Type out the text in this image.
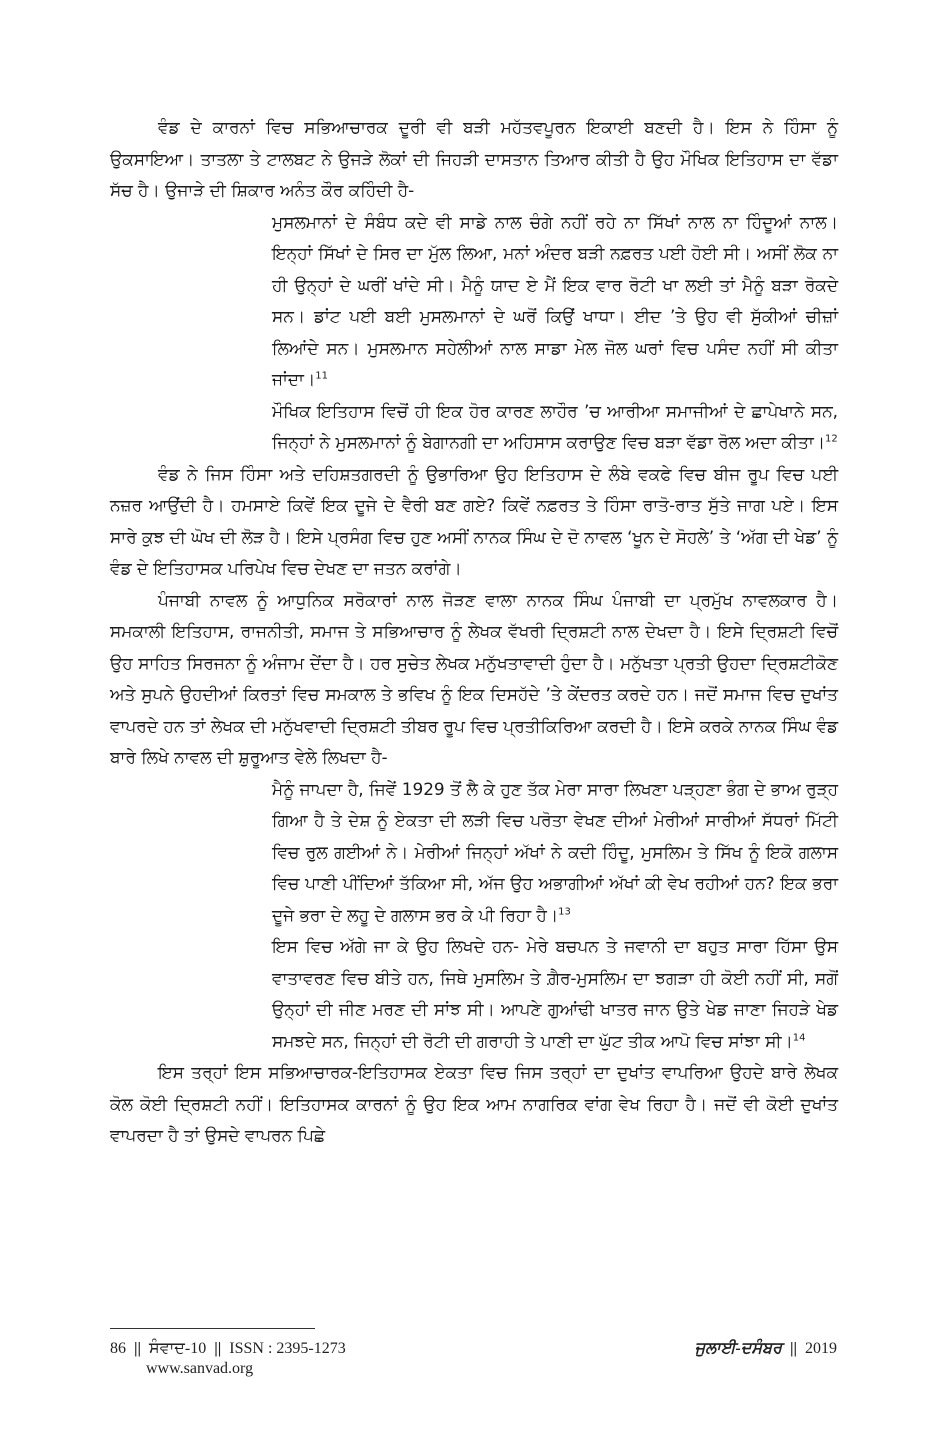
ਵੰਡ ਦੇ ਕਾਰਨਾਂ ਵਿਚ ਸਭਿਆਚਾਰਕ ਦੂਰੀ ਵੀ ਬੜੀ ਮਹੱਤਵਪੂਰਨ ਇਕਾਈ ਬਣਦੀ ਹੈ। ਇਸ ਨੇ ਹਿੰਸਾ ਨੂੰ ਉਕਸਾਇਆ। ਤਾਤਲਾ ਤੇ ਟਾਲਬਟ ਨੇ ਉਜੜੇ ਲੋਕਾਂ ਦੀ ਜਿਹੜੀ ਦਾਸਤਾਨ ਤਿਆਰ ਕੀਤੀ ਹੈ ਉਹ ਮੌਖਿਕ ਇਤਿਹਾਸ ਦਾ ਵੱਡਾ ਸੱਚ ਹੈ। ਉਜਾੜੇ ਦੀ ਸ਼ਿਕਾਰ ਅਨੰਤ ਕੌਰ ਕਹਿੰਦੀ ਹੈ-

ਮੁਸਲਮਾਨਾਂ ਦੇ ਸੰਬੰਧ ਕਦੇ ਵੀ ਸਾਡੇ ਨਾਲ ਚੰਗੇ ਨਹੀਂ ਰਹੇ ਨਾ ਸਿੱਖਾਂ ਨਾਲ ਨਾ ਹਿੰਦੂਆਂ ਨਾਲ। ਇਨ੍ਹਾਂ ਸਿੱਖਾਂ ਦੇ ਸਿਰ ਦਾ ਮੁੱਲ ਲਿਆ, ਮਨਾਂ ਅੰਦਰ ਬੜੀ ਨਫ਼ਰਤ ਪਈ ਹੋਈ ਸੀ। ਅਸੀਂ ਲੋਕ ਨਾ ਹੀ ਉਨ੍ਹਾਂ ਦੇ ਘਰੀਂ ਖਾਂਦੇ ਸੀ। ਮੈਨੂੰ ਯਾਦ ਏ ਮੈਂ ਇਕ ਵਾਰ ਰੋਟੀ ਖਾ ਲਈ ਤਾਂ ਮੈਨੂੰ ਬੜਾ ਰੋਕਦੇ ਸਨ। ਡਾਂਟ ਪਈ ਬਈ ਮੁਸਲਮਾਨਾਂ ਦੇ ਘਰੋਂ ਕਿਉਂ ਖਾਧਾ। ਈਦ ’ਤੇ ਉਹ ਵੀ ਸੁੱਕੀਆਂ ਚੀਜ਼ਾਂ ਲਿਆਂਦੇ ਸਨ। ਮੁਸਲਮਾਨ ਸਹੇਲੀਆਂ ਨਾਲ ਸਾਡਾ ਮੇਲ ਜੋਲ ਘਰਾਂ ਵਿਚ ਪਸੰਦ ਨਹੀਂ ਸੀ ਕੀਤਾ ਜਾਂਦਾ।$^{11}$

ਮੌਖਿਕ ਇਤਿਹਾਸ ਵਿਚੋਂ ਹੀ ਇਕ ਹੋਰ ਕਾਰਣ ਲਾਹੌਰ ’ਚ ਆਰੀਆ ਸਮਾਜੀਆਂ ਦੇ ਛਾਪੇਖਾਨੇ ਸਨ, ਜਿਨ੍ਹਾਂ ਨੇ ਮੁਸਲਮਾਨਾਂ ਨੂੰ ਬੇਗਾਨਗੀ ਦਾ ਅਹਿਸਾਸ ਕਰਾਉਣ ਵਿਚ ਬੜਾ ਵੱਡਾ ਰੋਲ ਅਦਾ ਕੀਤਾ।$^{12}$

ਵੰਡ ਨੇ ਜਿਸ ਹਿੰਸਾ ਅਤੇ ਦਹਿਸ਼ਤਗਰਦੀ ਨੂੰ ਉਭਾਰਿਆ ਉਹ ਇਤਿਹਾਸ ਦੇ ਲੰਬੇ ਵਕਫੇ ਵਿਚ ਬੀਜ ਰੂਪ ਵਿਚ ਪਈ ਨਜ਼ਰ ਆਉਂਦੀ ਹੈ। ਹਮਸਾਏ ਕਿਵੇਂ ਇਕ ਦੂਜੇ ਦੇ ਵੈਰੀ ਬਣ ਗਏ? ਕਿਵੇਂ ਨਫ਼ਰਤ ਤੇ ਹਿੰਸਾ ਰਾਤੋ-ਰਾਤ ਸੁੱਤੇ ਜਾਗ ਪਏ। ਇਸ ਸਾਰੇ ਕੁਝ ਦੀ ਘੋਖ ਦੀ ਲੋੜ ਹੈ। ਇਸੇ ਪ੍ਰਸੰਗ ਵਿਚ ਹੁਣ ਅਸੀਂ ਨਾਨਕ ਸਿੰਘ ਦੇ ਦੋ ਨਾਵਲ ‘ਖੂਨ ਦੇ ਸੋਹਲੇ’ ਤੇ ‘ਅੱਗ ਦੀ ਖੇਡ’ ਨੂੰ ਵੰਡ ਦੇ ਇਤਿਹਾਸਕ ਪਰਿਪੇਖ ਵਿਚ ਦੇਖਣ ਦਾ ਜਤਨ ਕਰਾਂਗੇ।

ਪੰਜਾਬੀ ਨਾਵਲ ਨੂੰ ਆਧੁਨਿਕ ਸਰੋਕਾਰਾਂ ਨਾਲ ਜੋੜਣ ਵਾਲਾ ਨਾਨਕ ਸਿੰਘ ਪੰਜਾਬੀ ਦਾ ਪ੍ਰਮੁੱਖ ਨਾਵਲਕਾਰ ਹੈ। ਸਮਕਾਲੀ ਇਤਿਹਾਸ, ਰਾਜਨੀਤੀ, ਸਮਾਜ ਤੇ ਸਭਿਆਚਾਰ ਨੂੰ ਲੇਖਕ ਵੱਖਰੀ ਦ੍ਰਿਸ਼ਟੀ ਨਾਲ ਦੇਖਦਾ ਹੈ। ਇਸੇ ਦ੍ਰਿਸ਼ਟੀ ਵਿਚੋਂ ਉਹ ਸਾਹਿਤ ਸਿਰਜਨਾ ਨੂੰ ਅੰਜਾਮ ਦੇਂਦਾ ਹੈ। ਹਰ ਸੁਚੇਤ ਲੇਖਕ ਮਨੁੱਖਤਾਵਾਦੀ ਹੁੰਦਾ ਹੈ। ਮਨੁੱਖਤਾ ਪ੍ਰਤੀ ਉਹਦਾ ਦ੍ਰਿਸ਼ਟੀਕੋਣ ਅਤੇ ਸੁਪਨੇ ਉਹਦੀਆਂ ਕਿਰਤਾਂ ਵਿਚ ਸਮਕਾਲ ਤੇ ਭਵਿਖ ਨੂੰ ਇਕ ਦਿਸਹੱਦੇ ’ਤੇ ਕੇਂਦਰਤ ਕਰਦੇ ਹਨ। ਜਦੋਂ ਸਮਾਜ ਵਿਚ ਦੁਖਾਂਤ ਵਾਪਰਦੇ ਹਨ ਤਾਂ ਲੇਖਕ ਦੀ ਮਨੁੱਖਵਾਦੀ ਦ੍ਰਿਸ਼ਟੀ ਤੀਬਰ ਰੂਪ ਵਿਚ ਪ੍ਰਤੀਕਿਰਿਆ ਕਰਦੀ ਹੈ। ਇਸੇ ਕਰਕੇ ਨਾਨਕ ਸਿੰਘ ਵੰਡ ਬਾਰੇ ਲਿਖੇ ਨਾਵਲ ਦੀ ਸ਼ੁਰੂਆਤ ਵੇਲੇ ਲਿਖਦਾ ਹੈ-

ਮੈਨੂੰ ਜਾਪਦਾ ਹੈ, ਜਿਵੇਂ 1929 ਤੋਂ ਲੈ ਕੇ ਹੁਣ ਤੱਕ ਮੇਰਾ ਸਾਰਾ ਲਿਖਣਾ ਪੜ੍ਹਣਾ ਭੰਗ ਦੇ ਭਾਅ ਰੁੜ੍ਹ ਗਿਆ ਹੈ ਤੇ ਦੇਸ਼ ਨੂੰ ਏਕਤਾ ਦੀ ਲੜੀ ਵਿਚ ਪਰੋਤਾ ਵੇਖਣ ਦੀਆਂ ਮੇਰੀਆਂ ਸਾਰੀਆਂ ਸੱਧਰਾਂ ਮਿੱਟੀ ਵਿਚ ਰੁਲ ਗਈਆਂ ਨੇ। ਮੇਰੀਆਂ ਜਿਨ੍ਹਾਂ ਅੱਖਾਂ ਨੇ ਕਦੀ ਹਿੰਦੂ, ਮੁਸਲਿਮ ਤੇ ਸਿੱਖ ਨੂੰ ਇਕੋ ਗਲਾਸ ਵਿਚ ਪਾਣੀ ਪੀਂਦਿਆਂ ਤੱਕਿਆ ਸੀ, ਅੱਜ ਉਹ ਅਭਾਗੀਆਂ ਅੱਖਾਂ ਕੀ ਵੇਖ ਰਹੀਆਂ ਹਨ? ਇਕ ਭਰਾ ਦੂਜੇ ਭਰਾ ਦੇ ਲਹੂ ਦੇ ਗਲਾਸ ਭਰ ਕੇ ਪੀ ਰਿਹਾ ਹੈ।$^{13}$

ਇਸ ਵਿਚ ਅੱਗੇ ਜਾ ਕੇ ਉਹ ਲਿਖਦੇ ਹਨ- ਮੇਰੇ ਬਚਪਨ ਤੇ ਜਵਾਨੀ ਦਾ ਬਹੁਤ ਸਾਰਾ ਹਿੱਸਾ ਉਸ ਵਾਤਾਵਰਣ ਵਿਚ ਬੀਤੇ ਹਨ, ਜਿਥੇ ਮੁਸਲਿਮ ਤੇ ਗ਼ੈਰ-ਮੁਸਲਿਮ ਦਾ ਝਗੜਾ ਹੀ ਕੋਈ ਨਹੀਂ ਸੀ, ਸਗੋਂ ਉਨ੍ਹਾਂ ਦੀ ਜੀਣ ਮਰਣ ਦੀ ਸਾਂਝ ਸੀ। ਆਪਣੇ ਗੁਆਂਢੀ ਖਾਤਰ ਜਾਨ ਉਤੇ ਖੇਡ ਜਾਣਾ ਜਿਹੜੇ ਖੇਡ ਸਮਝਦੇ ਸਨ, ਜਿਨ੍ਹਾਂ ਦੀ ਰੋਟੀ ਦੀ ਗਰਾਹੀ ਤੇ ਪਾਣੀ ਦਾ ਘੁੱਟ ਤੀਕ ਆਪੋ ਵਿਚ ਸਾਂਝਾ ਸੀ।$^{14}$

ਇਸ ਤਰ੍ਹਾਂ ਇਸ ਸਭਿਆਚਾਰਕ-ਇਤਿਹਾਸਕ ਏਕਤਾ ਵਿਚ ਜਿਸ ਤਰ੍ਹਾਂ ਦਾ ਦੁਖਾਂਤ ਵਾਪਰਿਆ ਉਹਦੇ ਬਾਰੇ ਲੇਖਕ ਕੋਲ ਕੋਈ ਦ੍ਰਿਸ਼ਟੀ ਨਹੀਂ। ਇਤਿਹਾਸਕ ਕਾਰਨਾਂ ਨੂੰ ਉਹ ਇਕ ਆਮ ਨਾਗਰਿਕ ਵਾਂਗ ਵੇਖ ਰਿਹਾ ਹੈ। ਜਦੋਂ ਵੀ ਕੋਈ ਦੁਖਾਂਤ ਵਾਪਰਦਾ ਹੈ ਤਾਂ ਉਸਦੇ ਵਾਪਰਨ ਪਿਛੇ

86 || ਸੰਵਾਦ-10 || ISSN : 2395-1273
www.sanvad.org
ਜੁਲਾਈ-ਦਸੰਬਰ || 2019
